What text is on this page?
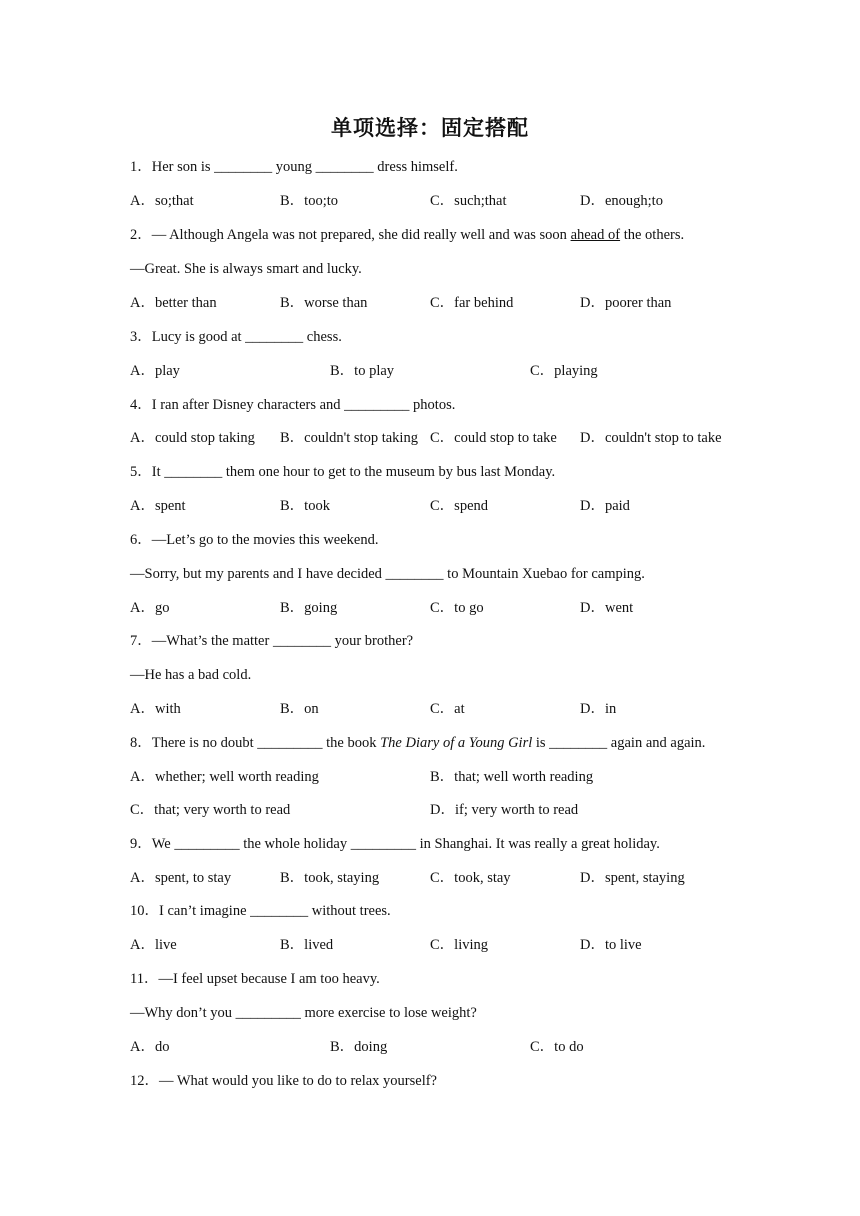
单项选择：固定搭配
1．Her son is ________ young ________ dress himself.
A．so;that	B．too;to	C．such;that	D．enough;to
2．— Although Angela was not prepared, she did really well and was soon ahead of the others.
—Great. She is always smart and lucky.
A．better than	B．worse than	C．far behind	D．poorer than
3．Lucy is good at ________ chess.
A．play	B．to play	C．playing
4．I ran after Disney characters and _________ photos.
A．could stop taking B．couldn't stop taking C．could stop to take D．couldn't stop to take
5．It ________ them one hour to get to the museum by bus last Monday.
A．spent	B．took	C．spend	D．paid
6．—Let’s go to the movies this weekend.
—Sorry, but my parents and I have decided ________ to Mountain Xuebao for camping.
A．go	B．going	C．to go	D．went
7．—What’s the matter ________ your brother?
—He has a bad cold.
A．with	B．on	C．at	D．in
8．There is no doubt _________ the book The Diary of a Young Girl is ________ again and again.
A．whether; well worth reading	B．that; well worth reading
C．that; very worth to read	D．if; very worth to read
9．We _________ the whole holiday _________ in Shanghai. It was really a great holiday.
A．spent, to stay	B．took, staying	C．took, stay	D．spent, staying
10．I can’t imagine ________ without trees.
A．live	B．lived	C．living	D．to live
11．—I feel upset because I am too heavy.
—Why don’t you _________ more exercise to lose weight?
A．do	B．doing	C．to do
12．— What would you like to do to relax yourself?
